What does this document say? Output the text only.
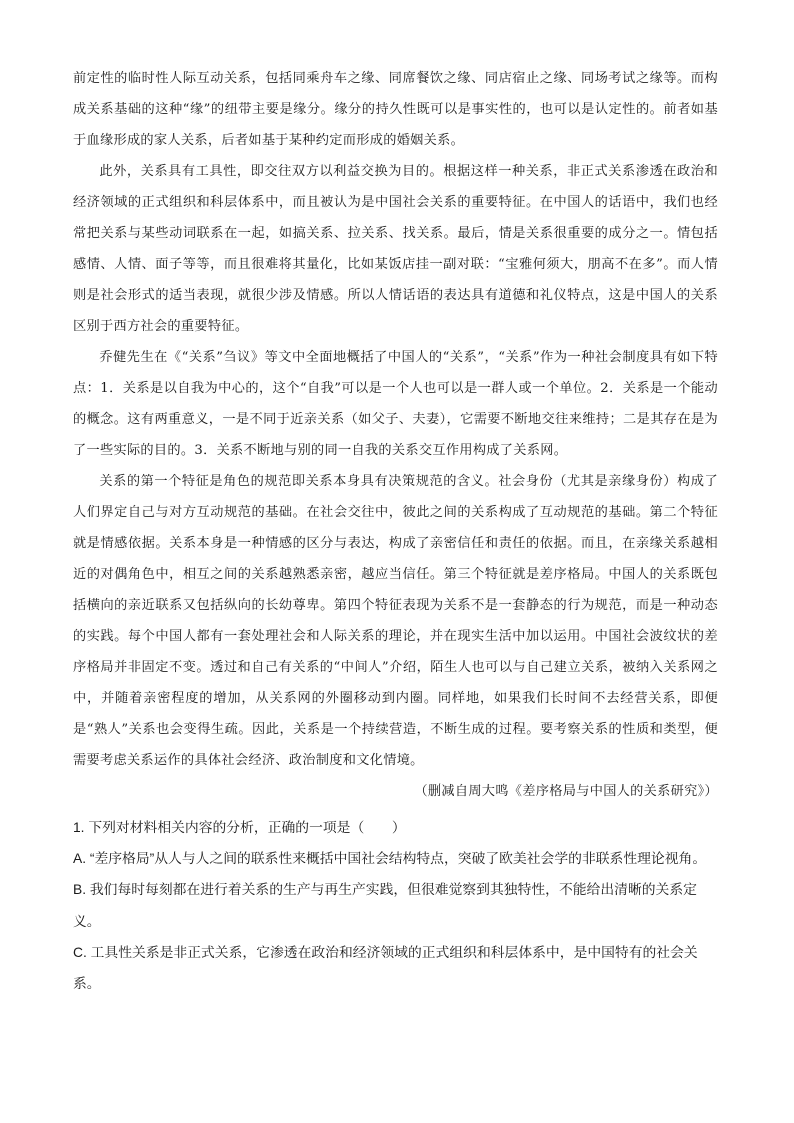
前定性的临时性人际互动关系，包括同乘舟车之缘、同席餐饮之缘、同店宿止之缘、同场考试之缘等。而构成关系基础的这种“缘”的纽带主要是缘分。缘分的持久性既可以是事实性的，也可以是认定性的。前者如基于血缘形成的家人关系，后者如基于某种约定而形成的婚姻关系。

此外，关系具有工具性，即交往双方以利益交换为目的。根据这样一种关系，非正式关系渗透在政治和经济领域的正式组织和科层体系中，而且被认为是中国社会关系的重要特征。在中国人的话语中，我们也经常把关系与某些动词联系在一起，如搞关系、拉关系、找关系。最后，情是关系很重要的成分之一。情包括感情、人情、面子等等，而且很难将其量化，比如某饭店挂一副对联：“宝雅何须大，朋高不在多”。而人情则是社会形式的适当表现，就很少涉及情感。所以人情话语的表达具有道德和礼仪特点，这是中国人的关系区别于西方社会的重要特征。

乔健先生在《“关系”刍议》等文中全面地概括了中国人的“关系”，“关系”作为一种社会制度具有如下特点：1．关系是以自我为中心的，这个“自我”可以是一个人也可以是一群人或一个单位。2．关系是一个能动的概念。这有两重意义，一是不同于近亲关系（如父子、夫妻），它需要不断地交往来维持；二是其存在是为了一些实际的目的。3．关系不断地与别的同一自我的关系交互作用构成了关系网。

关系的第一个特征是角色的规范即关系本身具有决策规范的含义。社会身份（尤其是亲缘身份）构成了人们界定自己与对方互动规范的基础。在社会交往中，彼此之间的关系构成了互动规范的基础。第二个特征就是情感依据。关系本身是一种情感的区分与表达，构成了亲密信任和责任的依据。而且，在亲缘关系越相近的对偶角色中，相互之间的关系越熟悉亲密，越应当信任。第三个特征就是差序格局。中国人的关系既包括横向的亲近联系又包括纵向的长幼尊卑。第四个特征表现为关系不是一套静态的行为规范，而是一种动态的实践。每个中国人都有一套处理社会和人际关系的理论，并在现实生活中加以运用。中国社会波纹状的差序格局并非固定不变。透过和自己有关系的“中间人”介绍，陌生人也可以与自己建立关系，被纳入关系网之中，并随着亲密程度的增加，从关系网的外圈移动到内圈。同样地，如果我们长时间不去经营关系，即便是“熟人”关系也会变得生疏。因此，关系是一个持续营造，不断生成的过程。要考察关系的性质和类型，便需要考虑关系运作的具体社会经济、政治制度和文化情境。

（删减自周大鸣《差序格局与中国人的关系研究》）

1. 下列对材料相关内容的分析，正确的一项是（　　）

A. “差序格局”从人与人之间的联系性来概括中国社会结构特点，突破了欧美社会学的非联系性理论视角。

B. 我们每时每刻都在进行着关系的生产与再生产实践，但很难觉察到其独特性，不能给出清晰的关系定义。

C. 工具性关系是非正式关系，它渗透在政治和经济领域的正式组织和科层体系中，是中国特有的社会关系。
